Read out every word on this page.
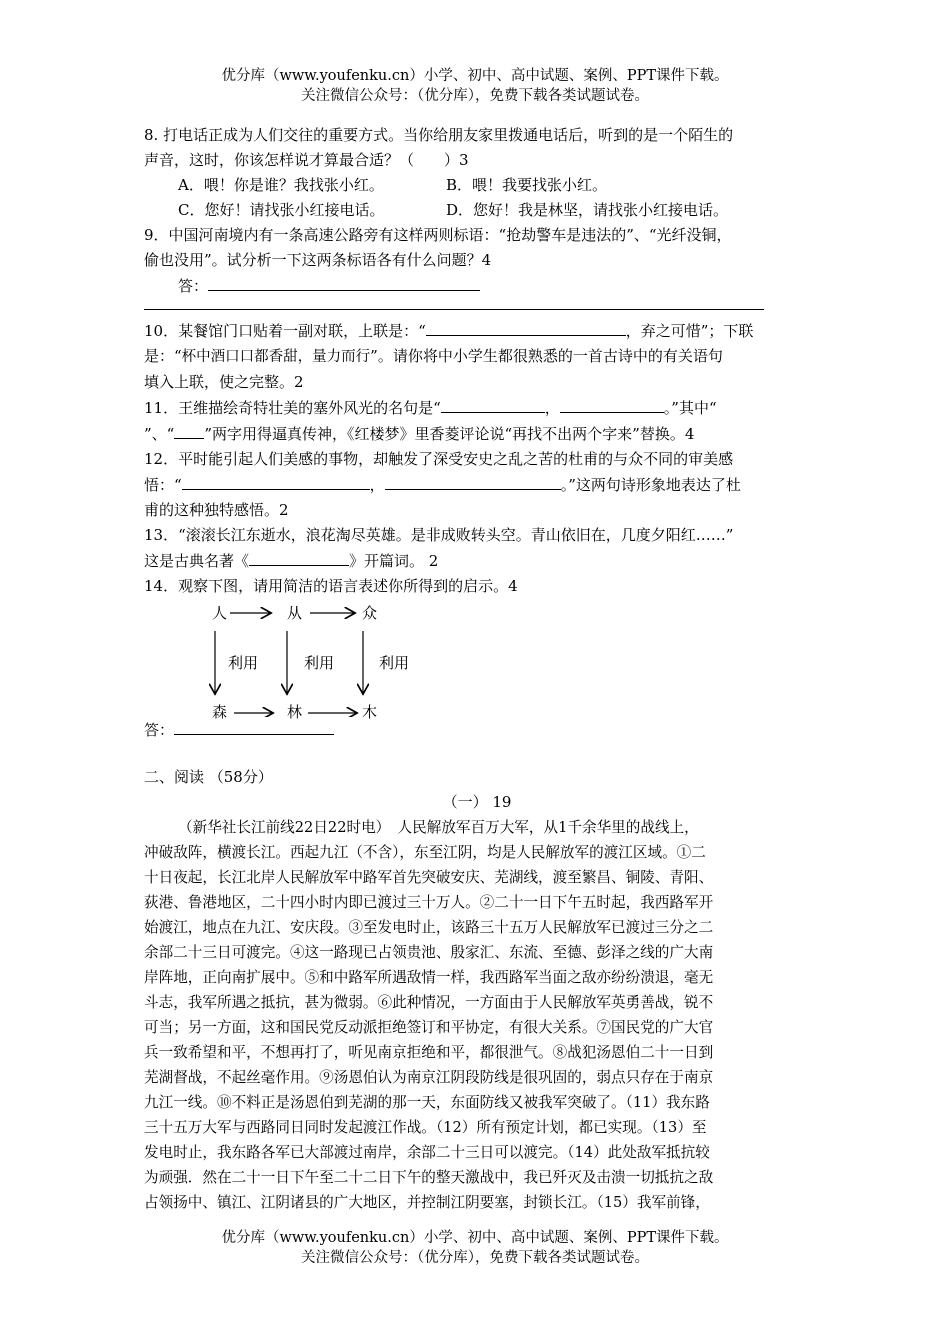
优分库（www.youfenku.cn）小学、初中、高中试题、案例、PPT课件下载。
关注微信公众号：（优分库），免费下载各类试题试卷。

8. 打电话正成为人们交往的重要方式。当你给朋友家里拨通电话后，听到的是一个陌生的

声音，这时，你该怎样说才算最合适？（　　）3

A．喂！你是谁？我找张小红。	B．喂！我要找张小红。
C．您好！请找张小红接电话。	D．您好！我是林坚，请找张小红接电话。

9．中国河南境内有一条高速公路旁有这样两则标语：“抢劫警车是违法的”、“光纤没铜，

偷也没用”。试分析一下这两条标语各有什么问题？4

答：

10．某餐馆门口贴着一副对联，上联是：“	，弃之可惜”；下联

是：“杯中酒口口都香甜，量力而行”。请你将中小学生都很熟悉的一首古诗中的有关语句

填入上联，使之完整。2

11．王维描绘奇特壮美的塞外风光的名句是“	，	。”其中“

”、“ ”两字用得逼真传神，《红楼梦》里香菱评论说“再找不出两个字来”替换。4

12．平时能引起人们美感的事物，却触发了深受安史之乱之苦的杜甫的与众不同的审美感

悟：“	，	。”这两句诗形象地表达了杜

甫的这种独特感悟。2

13．“滚滚长江东逝水，浪花淘尽英雄。是非成败转头空。青山依旧在，几度夕阳红……”

这是古典名著《	》开篇词。 2

14．观察下图，请用简洁的语言表述你所得到的启示。4

人	从	众
利用	利用	利用
森	林	木

答：

二、阅读 （58分）

（一） 19

（新华社长江前线22日22时电）　人民解放军百万大军，从1千余华里的战线上，

冲破敌阵，横渡长江。西起九江（不含），东至江阴，均是人民解放军的渡江区域。①二

十日夜起，长江北岸人民解放军中路军首先突破安庆、芜湖线，渡至繁昌、铜陵、青阳、

荻港、鲁港地区，二十四小时内即已渡过三十万人。②二十一日下午五时起，我西路军开

始渡江，地点在九江、安庆段。③至发电时止，该路三十五万人民解放军已渡过三分之二

余部二十三日可渡完。④这一路现已占领贵池、殷家汇、东流、至德、彭泽之线的广大南

岸阵地，正向南扩展中。⑤和中路军所遇敌情一样，我西路军当面之敌亦纷纷溃退，毫无

斗志，我军所遇之抵抗，甚为微弱。⑥此种情况，一方面由于人民解放军英勇善战，锐不

可当；另一方面，这和国民党反动派拒绝签订和平协定，有很大关系。⑦国民党的广大官

兵一致希望和平，不想再打了，听见南京拒绝和平，都很泄气。⑧战犯汤恩伯二十一日到

芜湖督战，不起丝毫作用。⑨汤恩伯认为南京江阴段防线是很巩固的，弱点只存在于南京

九江一线。⑩不料正是汤恩伯到芜湖的那一天，东面防线又被我军突破了。（11）我东路

三十五万大军与西路同日同时发起渡江作战。（12）所有预定计划，都已实现。（13）至

发电时止，我东路各军已大部渡过南岸，余部二十三日可以渡完。（14）此处敌军抵抗较

为顽强．然在二十一日下午至二十二日下午的整天激战中，我已歼灭及击溃一切抵抗之敌

占领扬中、镇江、江阴诸县的广大地区，并控制江阴要塞，封锁长江。（15）我军前锋，

优分库（www.youfenku.cn）小学、初中、高中试题、案例、PPT课件下载。
关注微信公众号：（优分库），免费下载各类试题试卷。
